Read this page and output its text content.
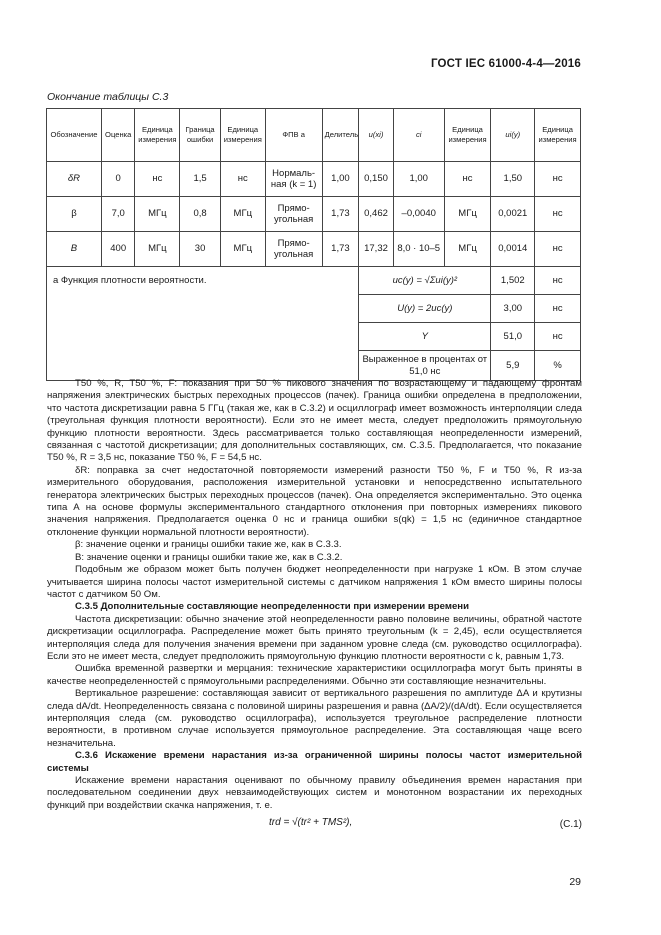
ГОСТ IEC 61000-4-4—2016
Окончание таблицы С.3
Обозначение	Оценка	Единица измерения	Граница ошибки	Единица измерения	ФПВ а	Делитель	u(xi)	ci	Единица измерения	ui(y)	Единица измерения
δR	0	нс	1,5	нс	Нормаль-ная (k = 1)	1,00	0,150	1,00	нс	1,50	нс
β	7,0	МГц	0,8	МГц	Прямо-угольная	1,73	0,462	–0,0040	МГц	0,0021	нс
B	400	МГц	30	МГц	Прямо-угольная	1,73	17,32	8,0 · 10–5	МГц	0,0014	нс
а Функция плотности вероятности.							uc(y) = √Σui(y)²			1,502	нс
							U(y) = 2uc(y)			3,00	нс
							Y			51,0	нс
							Выраженное в процентах от 51,0 нс			5,9	%

T50 %, R, T50 %, F: показания при 50 % пикового значения по возрастающему и падающему фронтам напряжения электрических быстрых переходных процессов (пачек). Граница ошибки определена в предположении, что частота дискретизации равна 5 ГГц (такая же, как в С.3.2) и осциллограф имеет возможность интерполяции следа (треугольная функция плотности вероятности). Если это не имеет места, следует предположить прямоугольную функцию плотности вероятности. Здесь рассматривается только составляющая неопределенности измерений, связанная с частотой дискретизации; для дополнительных составляющих, см. С.3.5. Предполагается, что показание T50 %, R = 3,5 нс, показание T50 %, F = 54,5 нс.

δR: поправка за счет недостаточной повторяемости измерений разности T50 %, F и T50 %, R из-за измерительного оборудования, расположения измерительной установки и непосредственно испытательного генератора электрических быстрых переходных процессов (пачек). Она определяется экспериментально. Это оценка типа А на основе формулы экспериментального стандартного отклонения при повторных измерениях пикового значения напряжения. Предполагается оценка 0 нс и граница ошибки s(qk) = 1,5 нс (единичное стандартное отклонение функции нормальной плотности вероятности).

β: значение оценки и границы ошибки такие же, как в С.3.3.

B: значение оценки и границы ошибки такие же, как в С.3.2.

Подобным же образом может быть получен бюджет неопределенности при нагрузке 1 кОм. В этом случае учитывается ширина полосы частот измерительной системы с датчиком напряжения 1 кОм вместо ширины полосы частот с датчиком 50 Ом.

С.3.5 Дополнительные составляющие неопределенности при измерении времени

Частота дискретизации: обычно значение этой неопределенности равно половине величины, обратной частоте дискретизации осциллографа. Распределение может быть принято треугольным (k = 2,45), если осуществляется интерполяция следа для получения значения времени при заданном уровне следа (см. руководство осциллографа). Если это не имеет места, следует предположить прямоугольную функцию плотности вероятности с k, равным 1,73.

Ошибка временной развертки и мерцания: технические характеристики осциллографа могут быть приняты в качестве неопределенностей с прямоугольными распределениями. Обычно эти составляющие незначительны.

Вертикальное разрешение: составляющая зависит от вертикального разрешения по амплитуде ΔA и крутизны следа dA/dt. Неопределенность связана с половиной ширины разрешения и равна (ΔA/2)/(dA/dt). Если осуществляется интерполяция следа (см. руководство осциллографа), используется треугольное распределение плотности вероятности, в противном случае используется прямоугольное распределение. Эта составляющая чаще всего незначительна.

С.3.6 Искажение времени нарастания из-за ограниченной ширины полосы частот измерительной системы

Искажение времени нарастания оценивают по обычному правилу объединения времен нарастания при последовательном соединении двух невзаимодействующих систем и монотонном возрастании их переходных функций при воздействии скачка напряжения, т. е.

trd = √(tr² + TMS²),	(С.1)
29
